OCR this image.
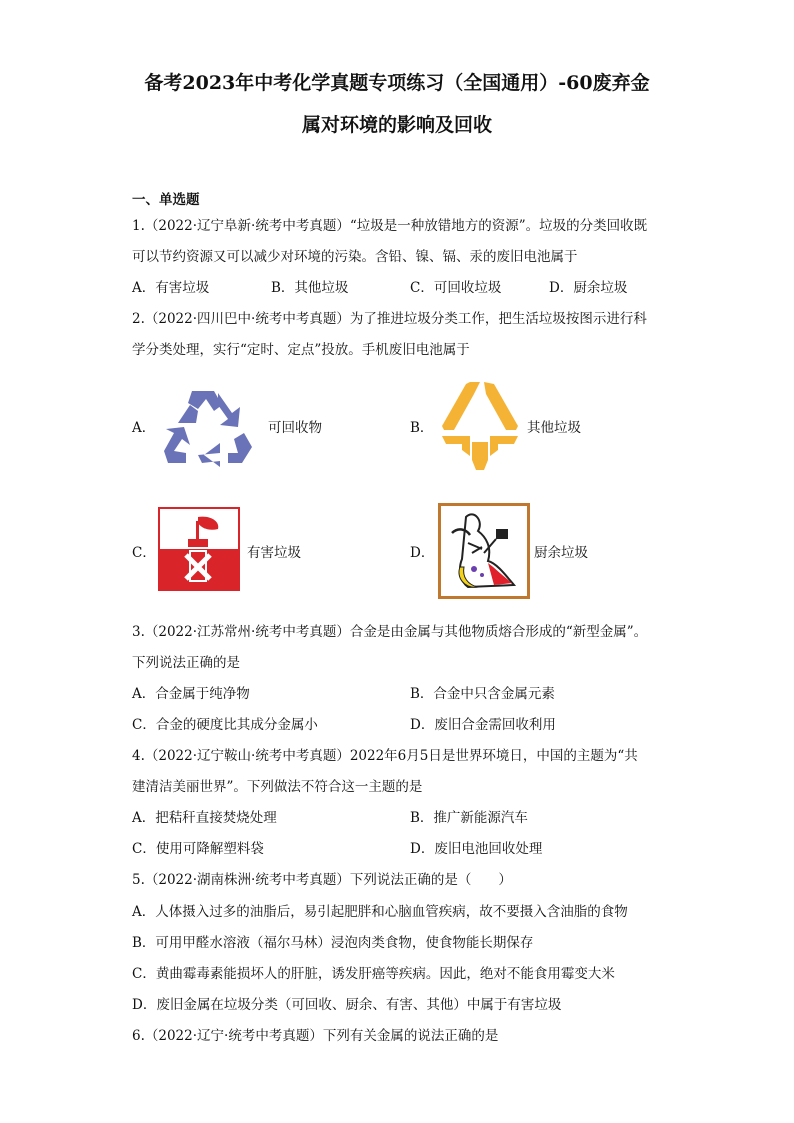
备考2023年中考化学真题专项练习（全国通用）-60废弃金
属对环境的影响及回收
一、单选题
1.（2022·辽宁阜新·统考中考真题）“垃圾是一种放错地方的资源”。垃圾的分类回收既
可以节约资源又可以减少对环境的污染。含铅、镍、镉、汞的废旧电池属于
A．有害垃圾	B．其他垃圾	C．可回收垃圾	D．厨余垃圾
2.（2022·四川巴中·统考中考真题）为了推进垃圾分类工作，把生活垃圾按图示进行科
学分类处理，实行“定时、定点”投放。手机废旧电池属于
A．	可回收物	B．	其他垃圾
C．	有害垃圾	D．	厨余垃圾
3.（2022·江苏常州·统考中考真题）合金是由金属与其他物质熔合形成的“新型金属”。
下列说法正确的是
A．合金属于纯净物	B．合金中只含金属元素
C．合金的硬度比其成分金属小	D．废旧合金需回收利用
4.（2022·辽宁鞍山·统考中考真题）2022年6月5日是世界环境日，中国的主题为“共
建清洁美丽世界”。下列做法不符合这一主题的是
A．把秸秆直接焚烧处理	B．推广新能源汽车
C．使用可降解塑料袋	D．废旧电池回收处理
5.（2022·湖南株洲·统考中考真题）下列说法正确的是（　　）
A．人体摄入过多的油脂后，易引起肥胖和心脑血管疾病，故不要摄入含油脂的食物
B．可用甲醛水溶液（福尔马林）浸泡肉类食物，使食物能长期保存
C．黄曲霉毒素能损坏人的肝脏，诱发肝癌等疾病。因此，绝对不能食用霉变大米
D．废旧金属在垃圾分类（可回收、厨余、有害、其他）中属于有害垃圾
6.（2022·辽宁·统考中考真题）下列有关金属的说法正确的是
